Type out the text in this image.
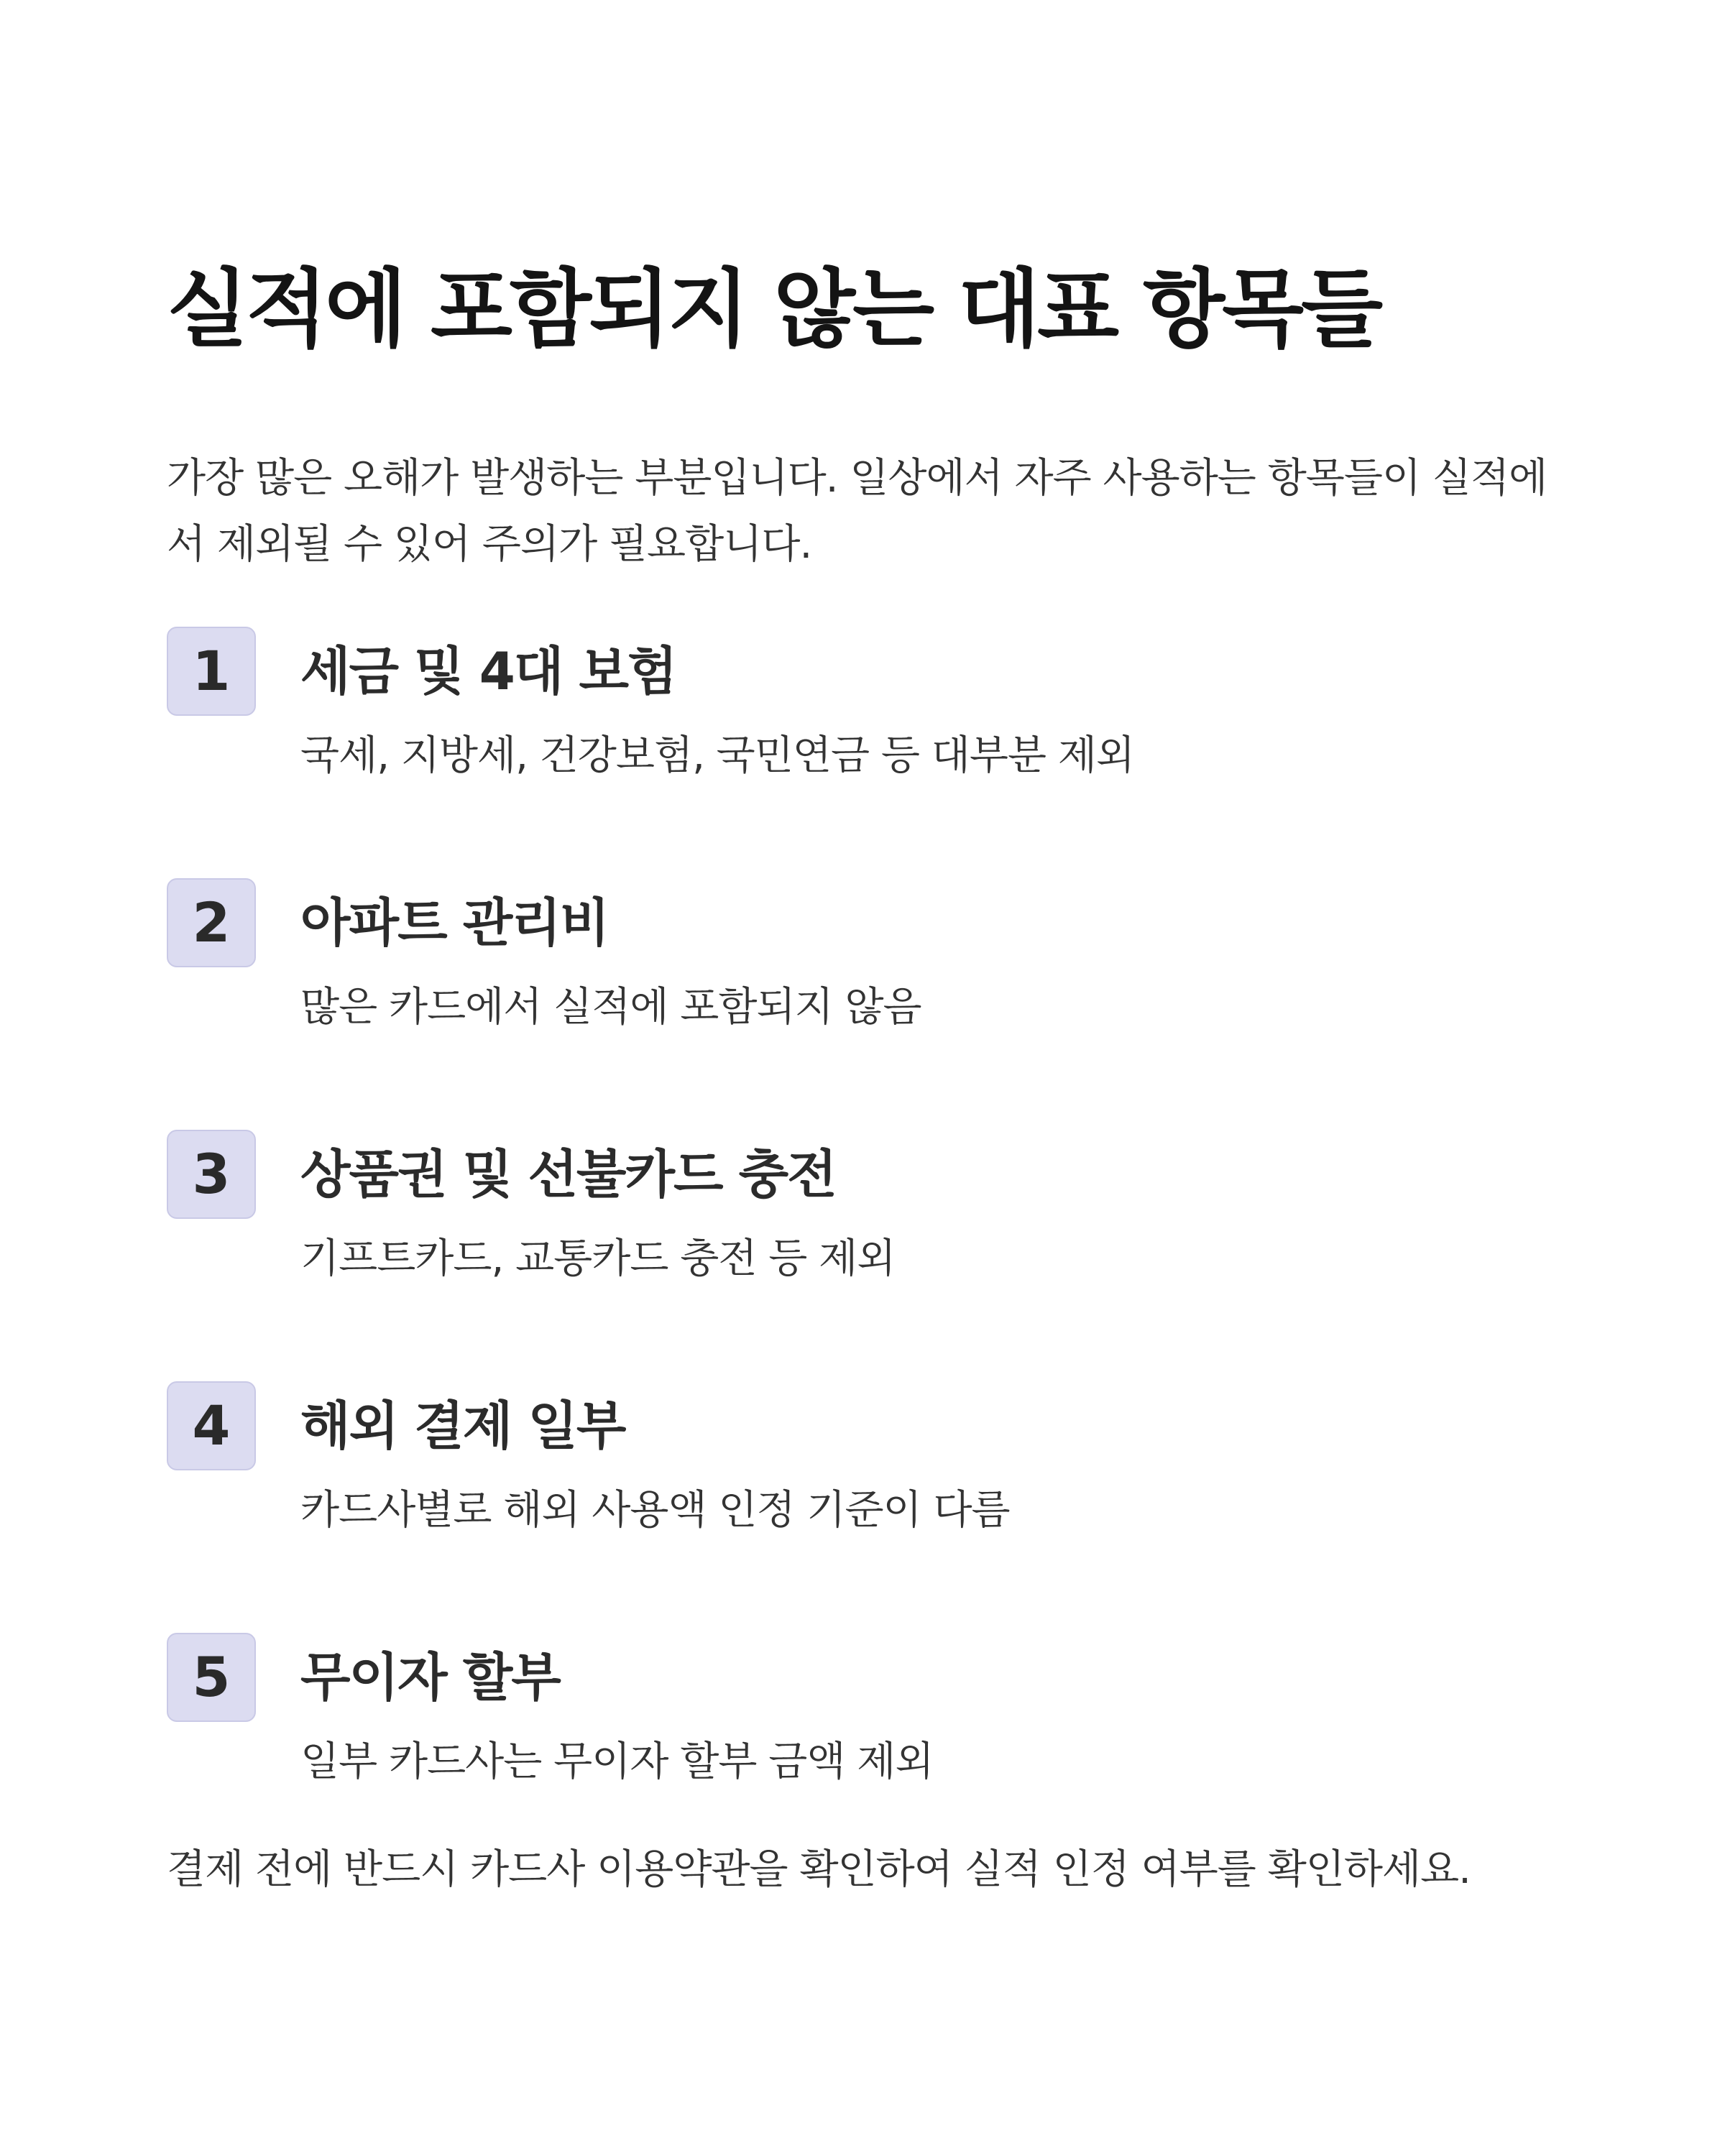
실적에 포함되지 않는 대표 항목들

가장 많은 오해가 발생하는 부분입니다. 일상에서 자주 사용하는 항목들이 실적에서 제외될 수 있어 주의가 필요합니다.

1	세금 및 4대 보험

국세, 지방세, 건강보험, 국민연금 등 대부분 제외

2	아파트 관리비

많은 카드에서 실적에 포함되지 않음

3	상품권 및 선불카드 충전

기프트카드, 교통카드 충전 등 제외

4	해외 결제 일부

카드사별로 해외 사용액 인정 기준이 다름

5	무이자 할부

일부 카드사는 무이자 할부 금액 제외

결제 전에 반드시 카드사 이용약관을 확인하여 실적 인정 여부를 확인하세요.
